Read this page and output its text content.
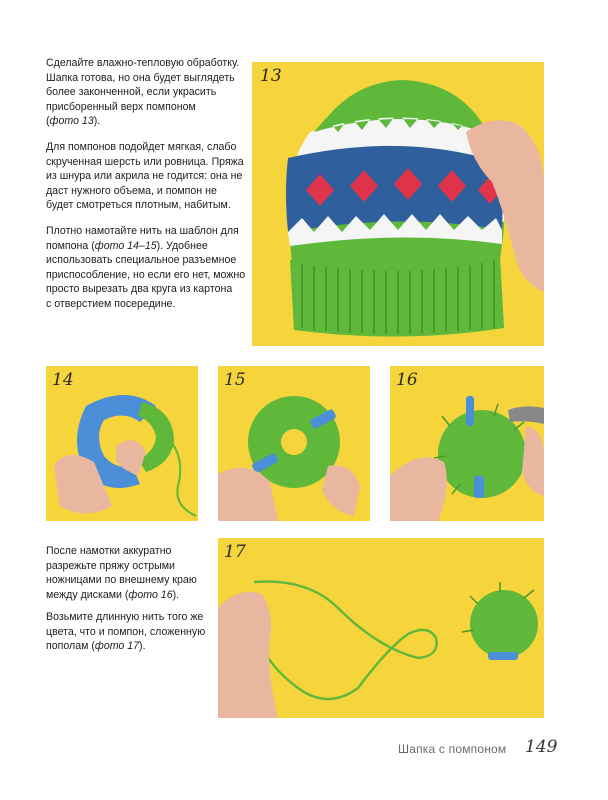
Сделайте влажно-тепловую обработку.
Шапка готова, но она будет выглядеть
более законченной, если украсить
присборенный верх помпоном
(фото 13).
Для помпонов подойдет мягкая, слабо
скрученная шерсть или ровница. Пряжа
из шнура или акрила не годится: она не
даст нужного объема, и помпон не
будет смотреться плотным, набитым.
Плотно намотайте нить на шаблон для
помпона (фото 14–15). Удобнее
использовать специальное разъемное
приспособление, но если его нет, можно
просто вырезать два круга из картона
с отверстием посередине.
После намотки аккуратно
разрежьте пряжу острыми
ножницами по внешнему краю
между дисками (фото 16).
Возьмите длинную нить того же
цвета, что и помпон, сложенную
пополам (фото 17).
13
14	15	16
17
Шапка с помпоном 149
